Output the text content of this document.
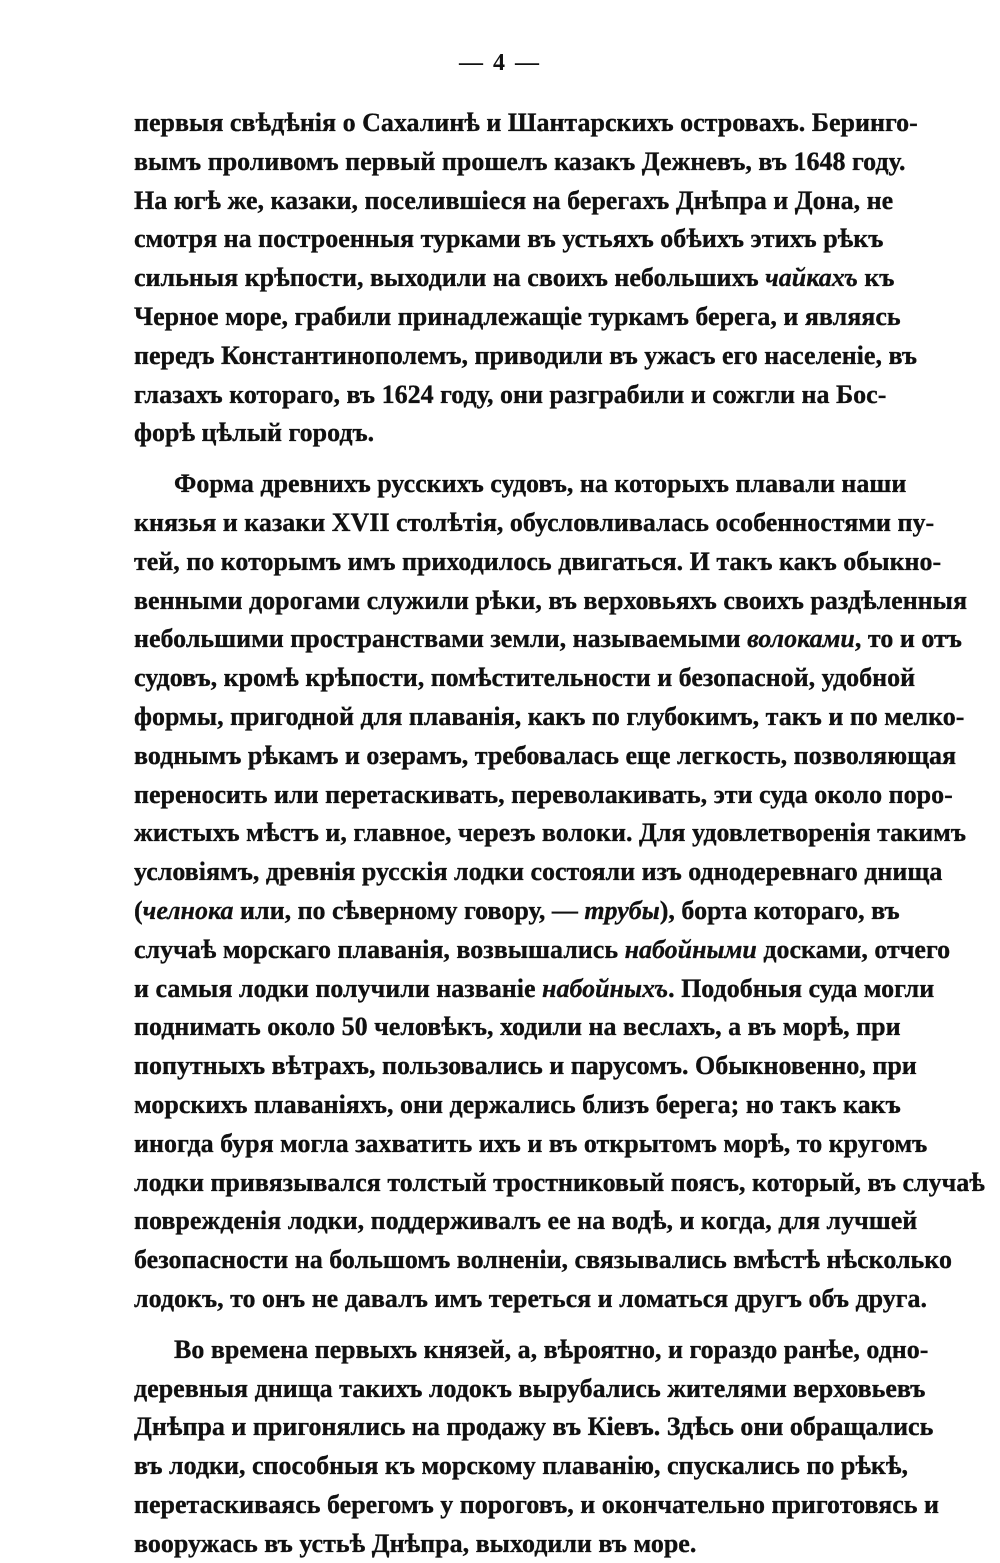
— 4 —
первыя свѣдѣнія о Сахалинѣ и Шантарскихъ островахъ. Беринго-
вымъ проливомъ первый прошелъ казакъ Дежневъ, въ 1648 году.
На югѣ же, казаки, поселившіеся на берегахъ Днѣпра и Дона, не
смотря на построенныя турками въ устьяхъ обѣихъ этихъ рѣкъ
сильныя крѣпости, выходили на своихъ небольшихъ чайкахъ къ
Черное море, грабили принадлежащіе туркамъ берега, и являясь
передъ Константинополемъ, приводили въ ужасъ его населеніе, въ
глазахъ котораго, въ 1624 году, они разграбили и сожгли на Бос-
форѣ цѣлый городъ.
Форма древнихъ русскихъ судовъ, на которыхъ плавали наши
князья и казаки XVII столѣтія, обусловливалась особенностями пу-
тей, по которымъ имъ приходилось двигаться. И такъ какъ обыкно-
венными дорогами служили рѣки, въ верховьяхъ своихъ раздѣленныя
небольшими пространствами земли, называемыми волоками, то и отъ
судовъ, кромѣ крѣпости, помѣстительности и безопасной, удобной
формы, пригодной для плаванія, какъ по глубокимъ, такъ и по мелко-
воднымъ рѣкамъ и озерамъ, требовалась еще легкость, позволяющая
переносить или перетаскивать, переволакивать, эти суда около поро-
жистыхъ мѣстъ и, главное, черезъ волоки. Для удовлетворенія такимъ
условіямъ, древнія русскія лодки состояли изъ однодеревнаго днища
(челнока или, по сѣверному говору, — трубы), борта котораго, въ
случаѣ морскаго плаванія, возвышались набойными досками, отчего
и самыя лодки получили названіе набойныхъ. Подобныя суда могли
поднимать около 50 человѣкъ, ходили на веслахъ, а въ морѣ, при
попутныхъ вѣтрахъ, пользовались и парусомъ. Обыкновенно, при
морскихъ плаваніяхъ, они держались близъ берега; но такъ какъ
иногда буря могла захватить ихъ и въ открытомъ морѣ, то кругомъ
лодки привязывался толстый тростниковый поясъ, который, въ случаѣ
поврежденія лодки, поддерживалъ ее на водѣ, и когда, для лучшей
безопасности на большомъ волненіи, связывались вмѣстѣ нѣсколько
лодокъ, то онъ не давалъ имъ тереться и ломаться другъ объ друга.
Во времена первыхъ князей, а, вѣроятно, и гораздо ранѣе, одно-
деревныя днища такихъ лодокъ вырубались жителями верховьевъ
Днѣпра и пригонялись на продажу въ Кіевъ. Здѣсь они обращались
въ лодки, способныя къ морскому плаванію, спускались по рѣкѣ,
перетаскиваясь берегомъ у пороговъ, и окончательно приготовясь и
вооружась въ устьѣ Днѣпра, выходили въ море.
